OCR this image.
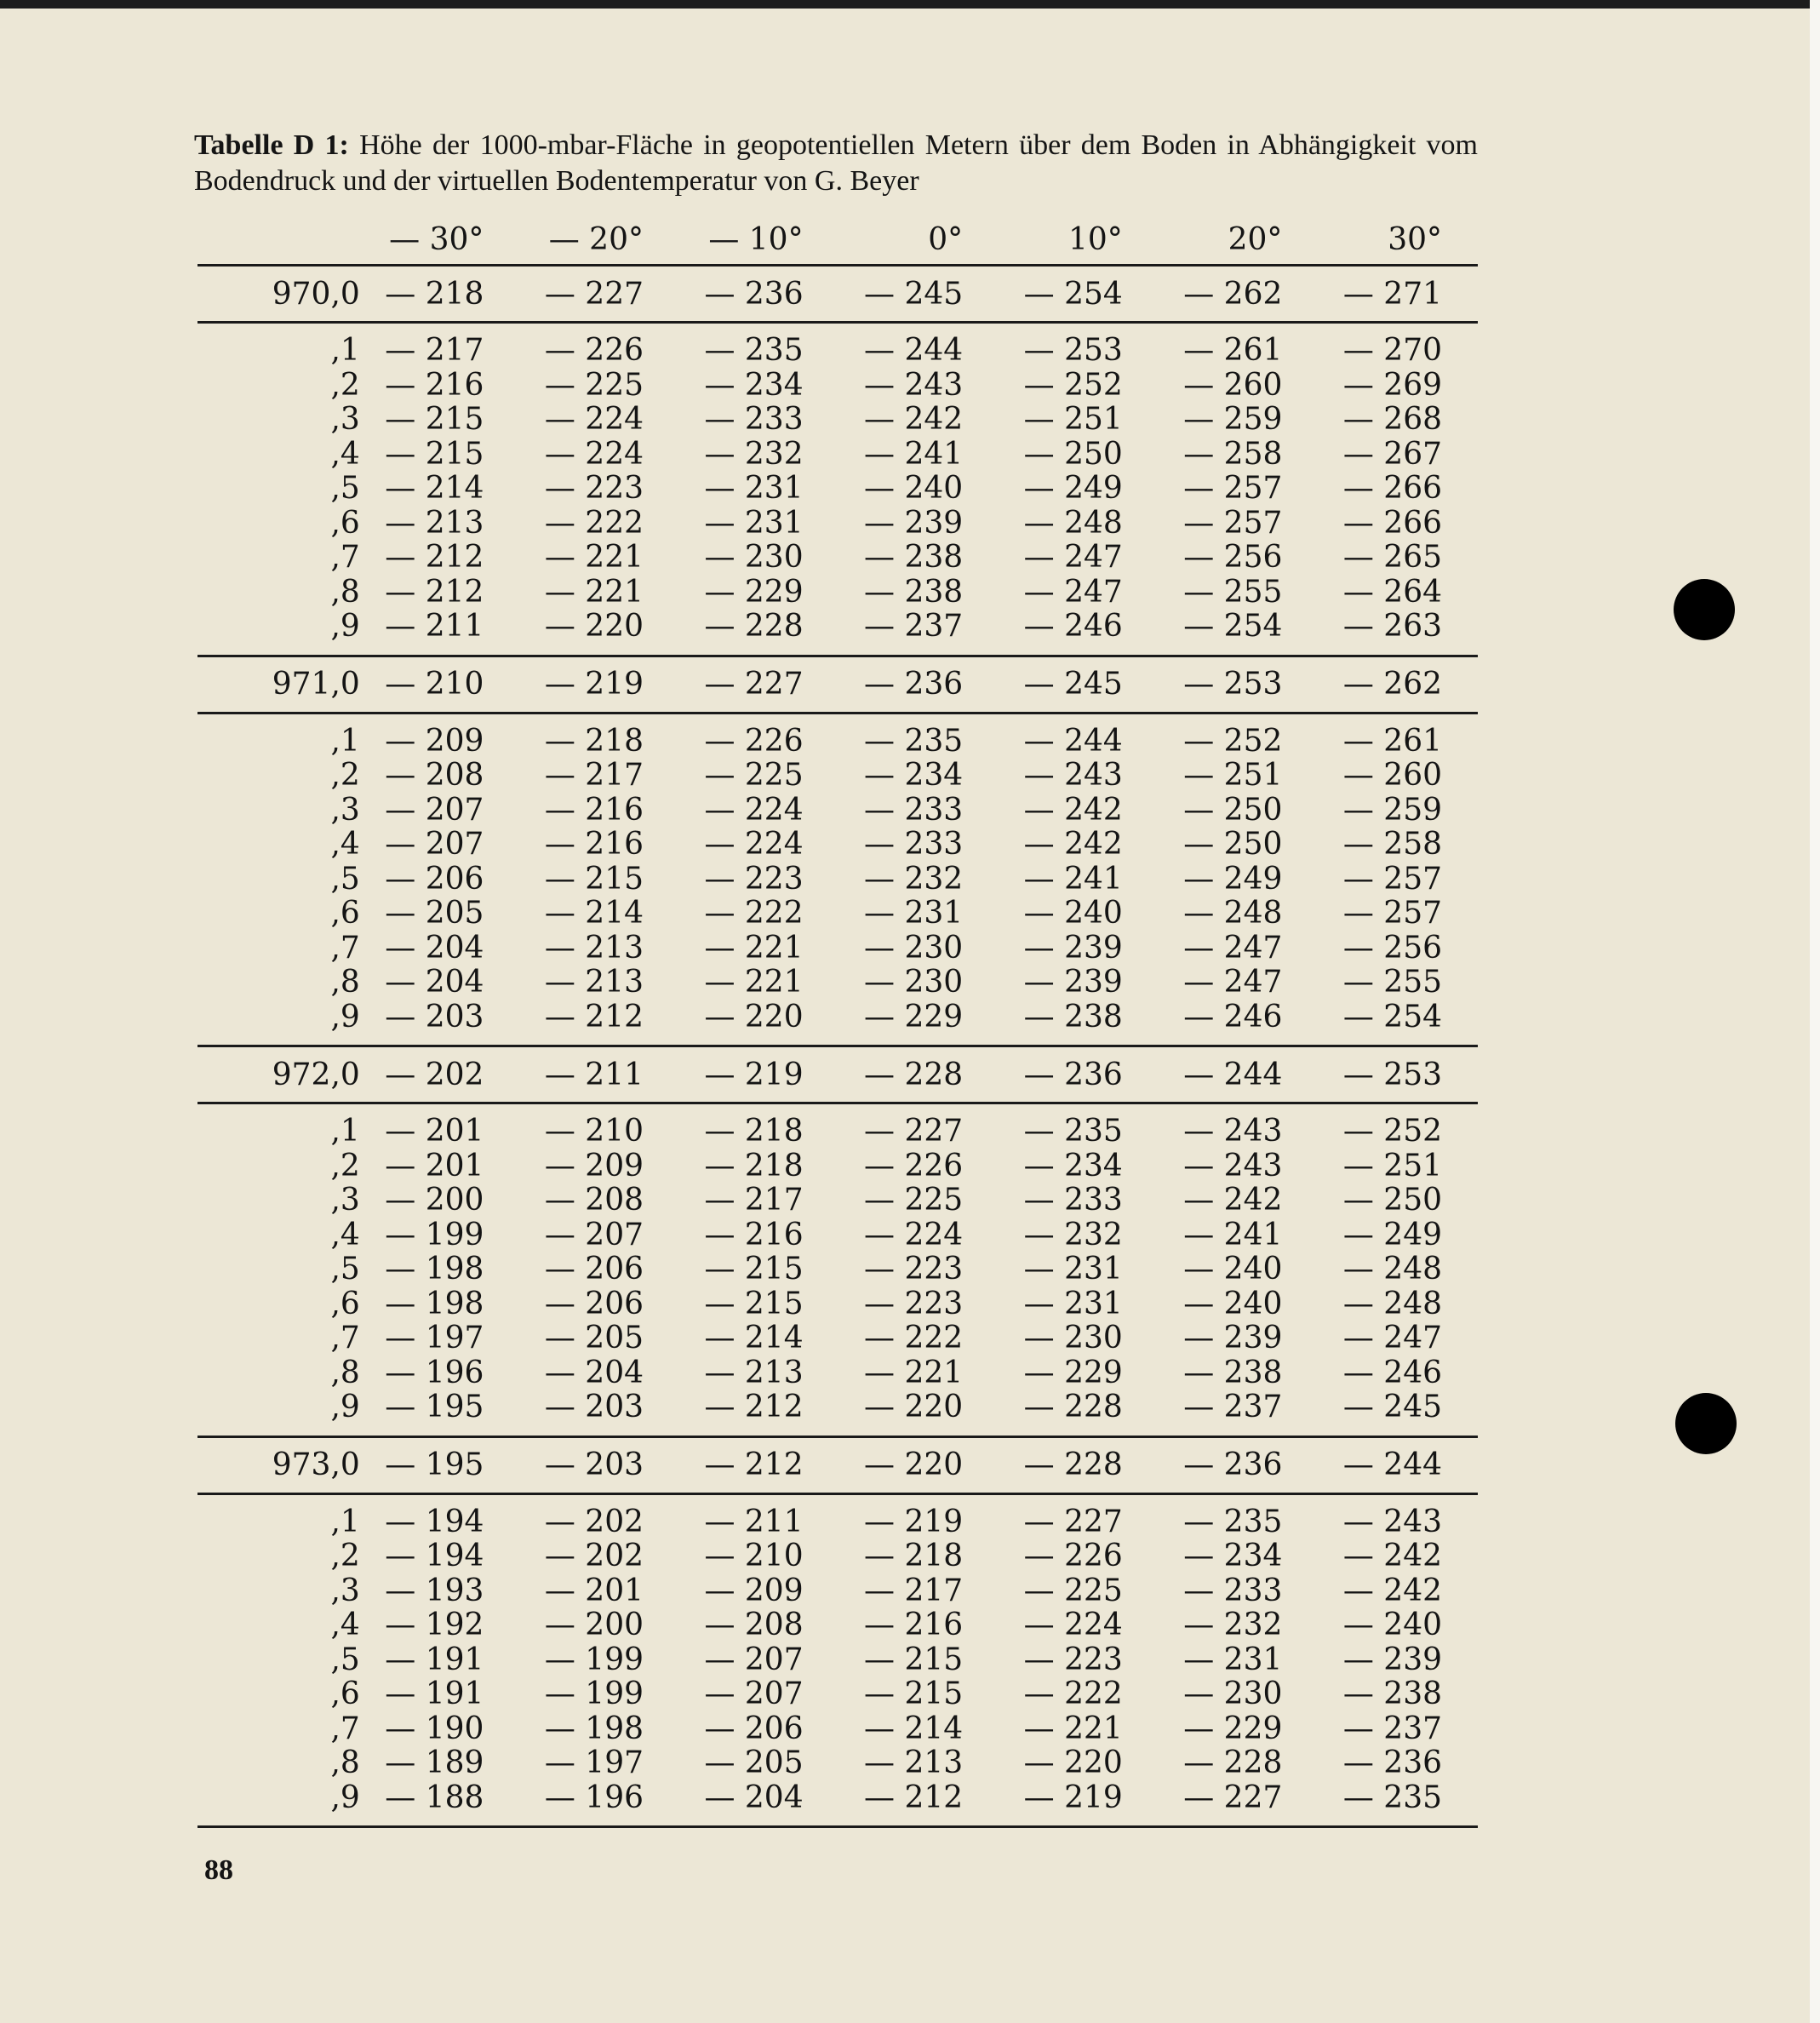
Tabelle D 1: Höhe der 1000-mbar-Fläche in geopotentiellen Metern über dem Boden in Abhängigkeit vom Bodendruck und der virtuellen Bodentemperatur von G. Beyer
	— 30°	— 20°	— 10°	0°	10°	20°	30°
970,0	— 218	— 227	— 236	— 245	— 254	— 262	— 271
,1	— 217	— 226	— 235	— 244	— 253	— 261	— 270
,2	— 216	— 225	— 234	— 243	— 252	— 260	— 269
,3	— 215	— 224	— 233	— 242	— 251	— 259	— 268
,4	— 215	— 224	— 232	— 241	— 250	— 258	— 267
,5	— 214	— 223	— 231	— 240	— 249	— 257	— 266
,6	— 213	— 222	— 231	— 239	— 248	— 257	— 266
,7	— 212	— 221	— 230	— 238	— 247	— 256	— 265
,8	— 212	— 221	— 229	— 238	— 247	— 255	— 264
,9	— 211	— 220	— 228	— 237	— 246	— 254	— 263
971,0	— 210	— 219	— 227	— 236	— 245	— 253	— 262
,1	— 209	— 218	— 226	— 235	— 244	— 252	— 261
,2	— 208	— 217	— 225	— 234	— 243	— 251	— 260
,3	— 207	— 216	— 224	— 233	— 242	— 250	— 259
,4	— 207	— 216	— 224	— 233	— 242	— 250	— 258
,5	— 206	— 215	— 223	— 232	— 241	— 249	— 257
,6	— 205	— 214	— 222	— 231	— 240	— 248	— 257
,7	— 204	— 213	— 221	— 230	— 239	— 247	— 256
,8	— 204	— 213	— 221	— 230	— 239	— 247	— 255
,9	— 203	— 212	— 220	— 229	— 238	— 246	— 254
972,0	— 202	— 211	— 219	— 228	— 236	— 244	— 253
,1	— 201	— 210	— 218	— 227	— 235	— 243	— 252
,2	— 201	— 209	— 218	— 226	— 234	— 243	— 251
,3	— 200	— 208	— 217	— 225	— 233	— 242	— 250
,4	— 199	— 207	— 216	— 224	— 232	— 241	— 249
,5	— 198	— 206	— 215	— 223	— 231	— 240	— 248
,6	— 198	— 206	— 215	— 223	— 231	— 240	— 248
,7	— 197	— 205	— 214	— 222	— 230	— 239	— 247
,8	— 196	— 204	— 213	— 221	— 229	— 238	— 246
,9	— 195	— 203	— 212	— 220	— 228	— 237	— 245
973,0	— 195	— 203	— 212	— 220	— 228	— 236	— 244
,1	— 194	— 202	— 211	— 219	— 227	— 235	— 243
,2	— 194	— 202	— 210	— 218	— 226	— 234	— 242
,3	— 193	— 201	— 209	— 217	— 225	— 233	— 242
,4	— 192	— 200	— 208	— 216	— 224	— 232	— 240
,5	— 191	— 199	— 207	— 215	— 223	— 231	— 239
,6	— 191	— 199	— 207	— 215	— 222	— 230	— 238
,7	— 190	— 198	— 206	— 214	— 221	— 229	— 237
,8	— 189	— 197	— 205	— 213	— 220	— 228	— 236
,9	— 188	— 196	— 204	— 212	— 219	— 227	— 235

88
